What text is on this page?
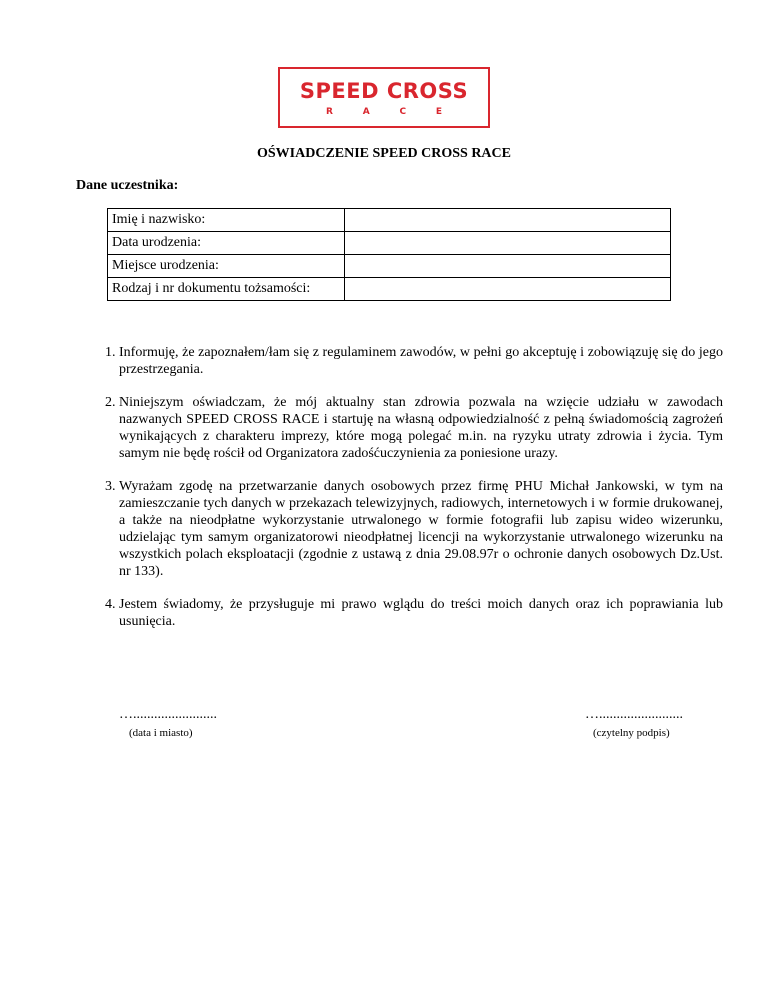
SPEED CROSS
R	A	C	E
OŚWIADCZENIE SPEED CROSS RACE
Dane uczestnika:
Imię i nazwisko:	
Data urodzenia:	
Miejsce urodzenia:	
Rodzaj i nr dokumentu tożsamości:	
1. Informuję, że zapoznałem/łam się z regulaminem zawodów, w pełni go akceptuję i zobowiązuję się do jego przestrzegania.
2. Niniejszym oświadczam, że mój aktualny stan zdrowia pozwala na wzięcie udziału w zawodach nazwanych SPEED CROSS RACE i startuję na własną odpowiedzialność z pełną świadomością zagrożeń wynikających z charakteru imprezy, które mogą polegać m.in. na ryzyku utraty zdrowia i życia. Tym samym nie będę rościł od Organizatora zadośćuczynienia za poniesione urazy.
3. Wyrażam zgodę na przetwarzanie danych osobowych przez firmę PHU Michał Jankowski, w tym na zamieszczanie tych danych w przekazach telewizyjnych, radiowych, internetowych i w formie drukowanej, a także na nieodpłatne wykorzystanie utrwalonego w formie fotografii lub zapisu wideo wizerunku, udzielając tym samym organizatorowi nieodpłatnej licencji na wykorzystanie utrwalonego wizerunku na wszystkich polach eksploatacji (zgodnie z ustawą z dnia 29.08.97r o ochronie danych osobowych Dz.Ust. nr 133).
4. Jestem świadomy, że przysługuje mi prawo wglądu do treści moich danych oraz ich poprawiania lub usunięcia.
…........................
(data i miasto)
…........................
(czytelny podpis)
